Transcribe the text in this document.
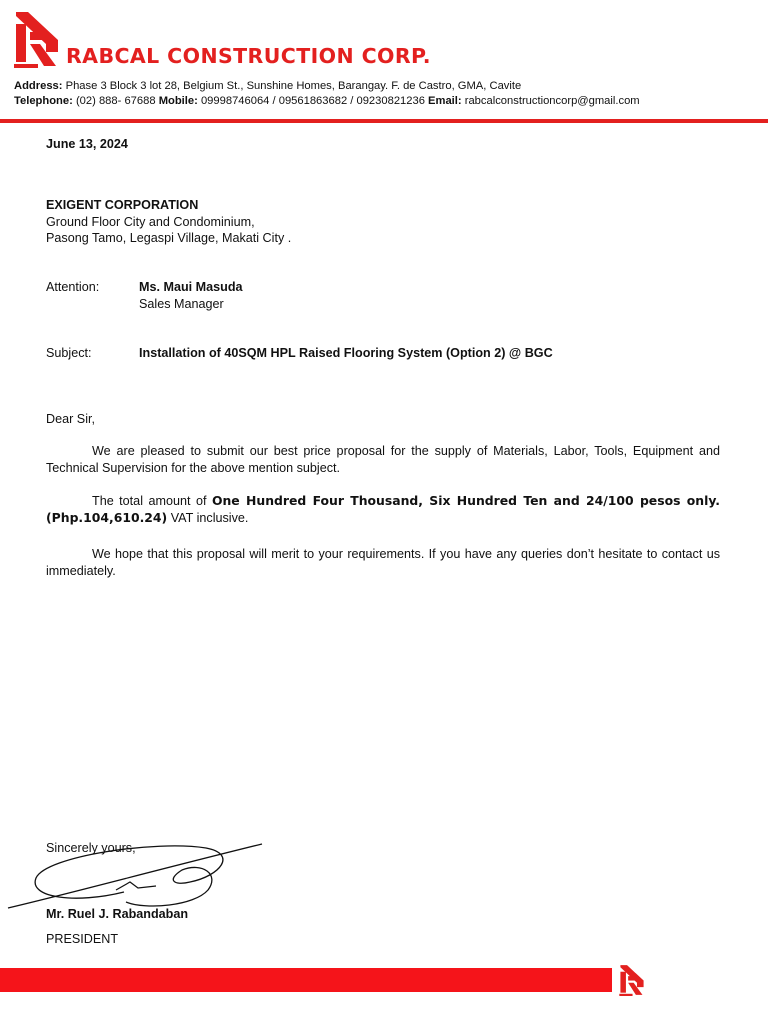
RABCAL CONSTRUCTION CORP.
Address: Phase 3 Block 3 lot 28, Belgium St., Sunshine Homes, Barangay. F. de Castro, GMA, Cavite
Telephone: (02) 888- 67688 Mobile: 09998746064 / 09561863682 / 09230821236 Email: rabcalconstructioncorp@gmail.com
June 13, 2024
EXIGENT CORPORATION
Ground Floor City and Condominium,
Pasong Tamo, Legaspi Village, Makati City .
Attention:	Ms. Maui Masuda
Sales Manager
Subject:	Installation of 40SQM HPL Raised Flooring System (Option 2) @ BGC
Dear Sir,
We are pleased to submit our best price proposal for the supply of Materials, Labor, Tools, Equipment and Technical Supervision for the above mention subject.
The total amount of One Hundred Four Thousand, Six Hundred Ten and 24/100 pesos only. (Php.104,610.24) VAT inclusive.
We hope that this proposal will merit to your requirements. If you have any queries don’t hesitate to contact us immediately.
Sincerely yours,
Mr. Ruel J. Rabandaban
PRESIDENT
